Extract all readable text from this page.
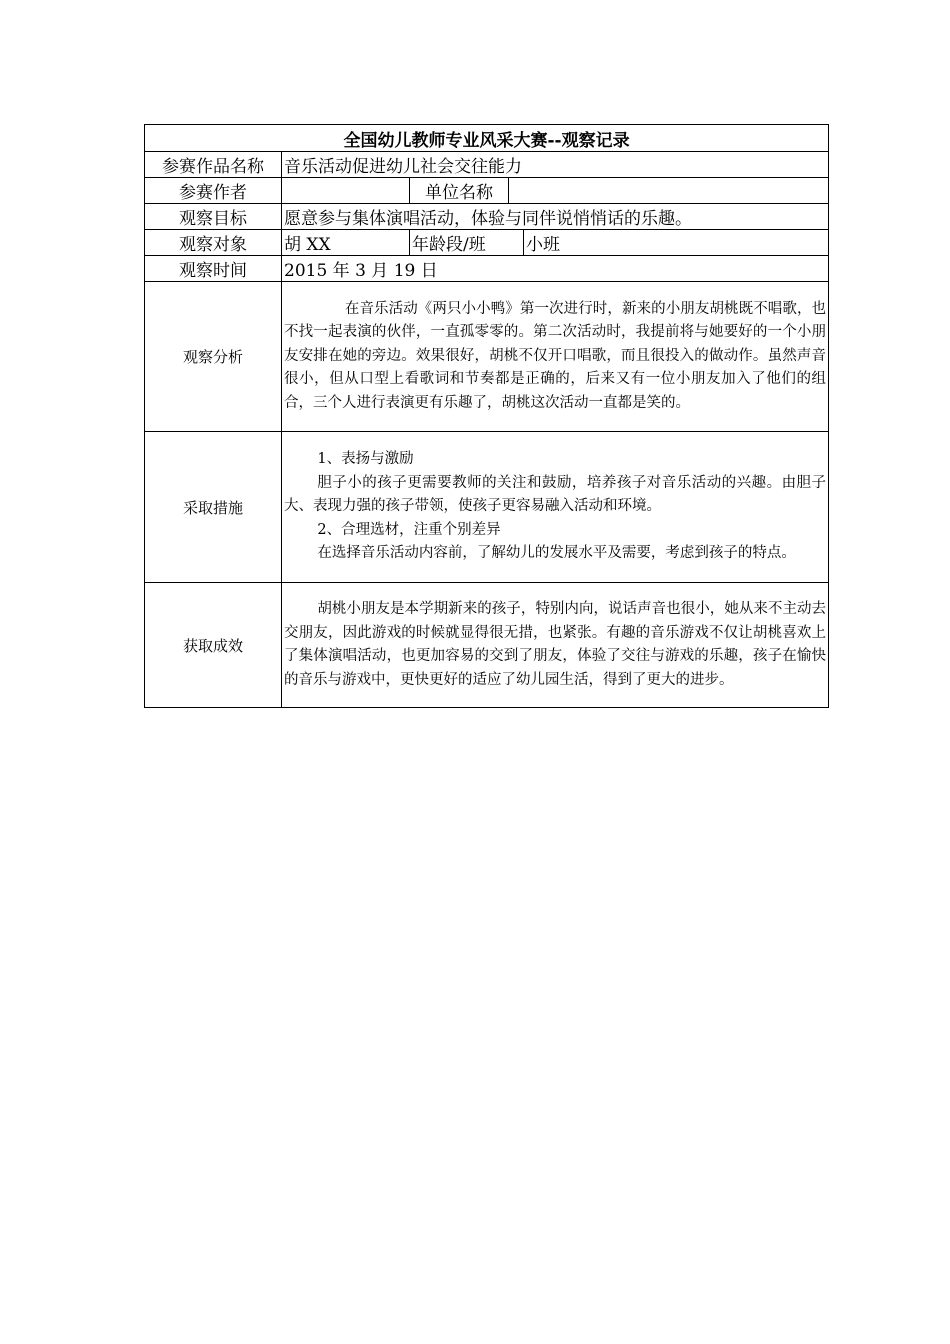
全国幼儿教师专业风采大赛--观察记录				
参赛作品名称	音乐活动促进幼儿社会交往能力			
参赛作者		单位名称		
观察目标	愿意参与集体演唱活动，体验与同伴说悄悄话的乐趣。			
观察对象	胡 XX	年龄段/班		小班
观察时间	2015 年 3 月 19 日			
观察分析	在音乐活动《两只小小鸭》第一次进行时，新来的小朋友胡桃既不唱歌，也不找一起表演的伙伴，一直孤零零的。第二次活动时，我提前将与她要好的一个小朋友安排在她的旁边。效果很好，胡桃不仅开口唱歌，而且很投入的做动作。虽然声音很小，但从口型上看歌词和节奏都是正确的，后来又有一位小朋友加入了他们的组合，三个人进行表演更有乐趣了，胡桃这次活动一直都是笑的。			

采取措施	1、表扬与激励

胆子小的孩子更需要教师的关注和鼓励，培养孩子对音乐活动的兴趣。由胆子大、表现力强的孩子带领，使孩子更容易融入活动和环境。

2、合理选材，注重个别差异

在选择音乐活动内容前，了解幼儿的发展水平及需要，考虑到孩子的特点。			

获取成效	胡桃小朋友是本学期新来的孩子，特别内向，说话声音也很小，她从来不主动去交朋友，因此游戏的时候就显得很无措，也紧张。有趣的音乐游戏不仅让胡桃喜欢上了集体演唱活动，也更加容易的交到了朋友，体验了交往与游戏的乐趣，孩子在愉快的音乐与游戏中，更快更好的适应了幼儿园生活，得到了更大的进步。			
